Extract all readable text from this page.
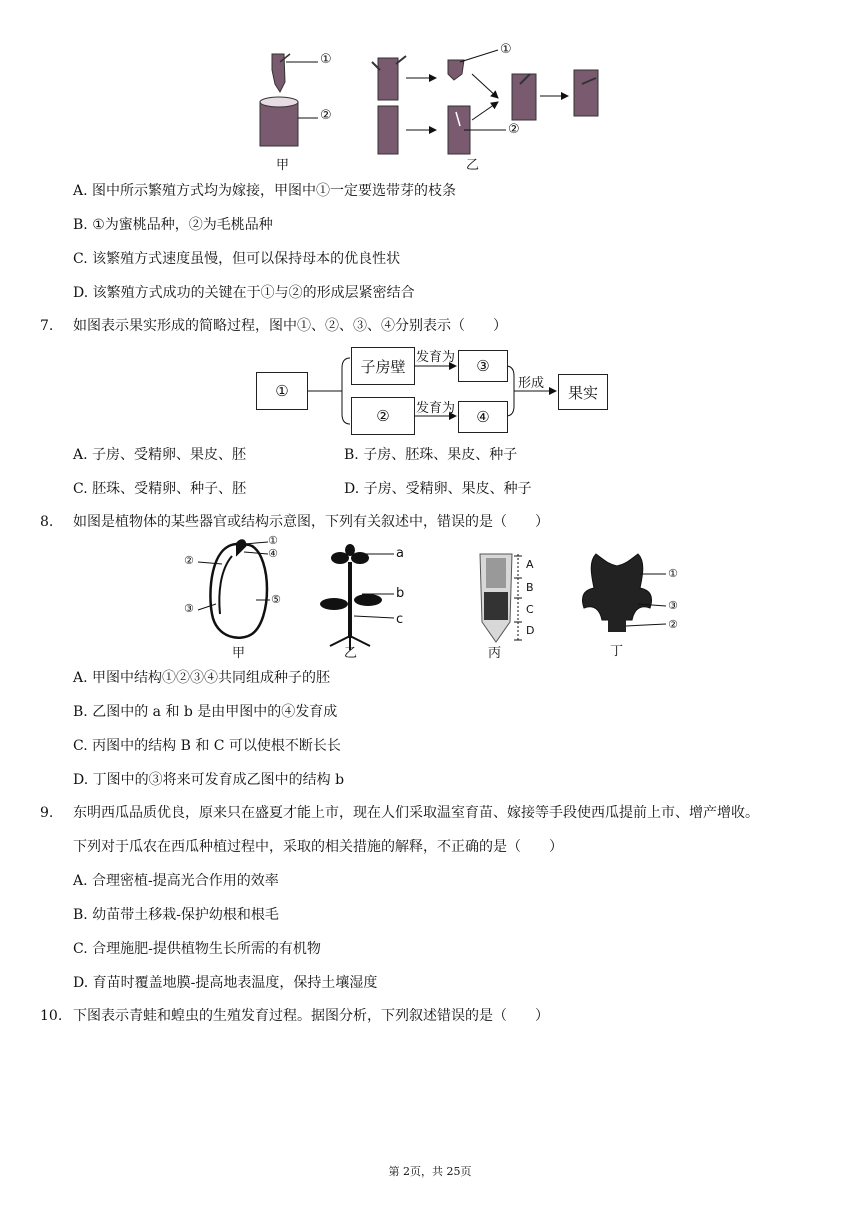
①
②
①
②
甲	乙
A. 图中所示繁殖方式均为嫁接，甲图中①一定要选带芽的枝条
B. ①为蜜桃品种，②为毛桃品种
C. 该繁殖方式速度虽慢，但可以保持母本的优良性状
D. 该繁殖方式成功的关键在于①与②的形成层紧密结合
7. 如图表示果实形成的简略过程，图中①、②、③、④分别表示（　　）
①
子房壁
②
③
④
果实
发育为
发育为
形成
A. 子房、受精卵、果皮、胚	B. 子房、胚珠、果皮、种子
C. 胚珠、受精卵、种子、胚	D. 子房、受精卵、果皮、种子
8. 如图是植物体的某些器官或结构示意图，下列有关叙述中，错误的是（　　）
①
④
②
⑤
③
a
b
c
A
B
C
D
①
③
②
甲	乙	丙	丁
A. 甲图中结构①②③④共同组成种子的胚
B. 乙图中的 a 和 b 是由甲图中的④发育成
C. 丙图中的结构 B 和 C 可以使根不断长长
D. 丁图中的③将来可发育成乙图中的结构 b
9. 东明西瓜品质优良，原来只在盛夏才能上市，现在人们采取温室育苗、嫁接等手段使西瓜提前上市、增产增收。
下列对于瓜农在西瓜种植过程中，采取的相关措施的解释，不正确的是（　　）
A. 合理密植-提高光合作用的效率
B. 幼苗带土移栽-保护幼根和根毛
C. 合理施肥-提供植物生长所需的有机物
D. 育苗时覆盖地膜-提高地表温度，保持土壤湿度
10. 下图表示青蛙和蝗虫的生殖发育过程。据图分析，下列叙述错误的是（　　）
第 2页，共 25页
